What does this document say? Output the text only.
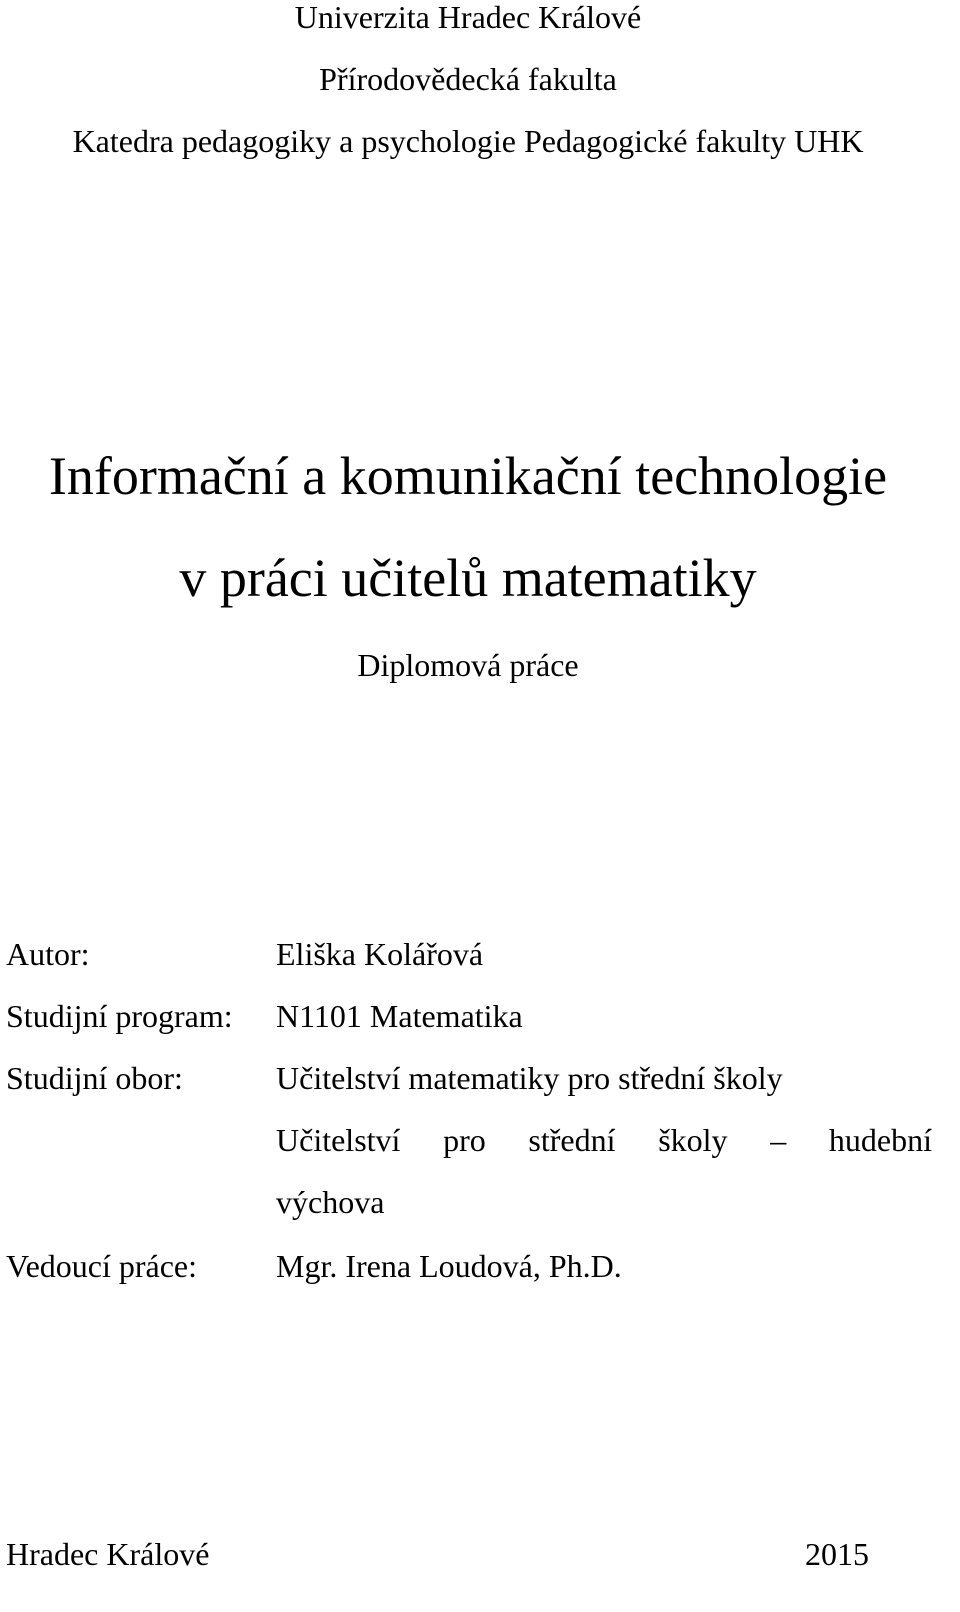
Univerzita Hradec Králové
Přírodovědecká fakulta
Katedra pedagogiky a psychologie Pedagogické fakulty UHK
Informační a komunikační technologie
v práci učitelů matematiky
Diplomová práce
Autor:	Eliška Kolářová
Studijní program: N1101 Matematika
Studijní obor:	Učitelství matematiky pro střední školy
Učitelství pro střední školy – hudební
výchova
Vedoucí práce: Mgr. Irena Loudová, Ph.D.
Hradec Králové	2015
